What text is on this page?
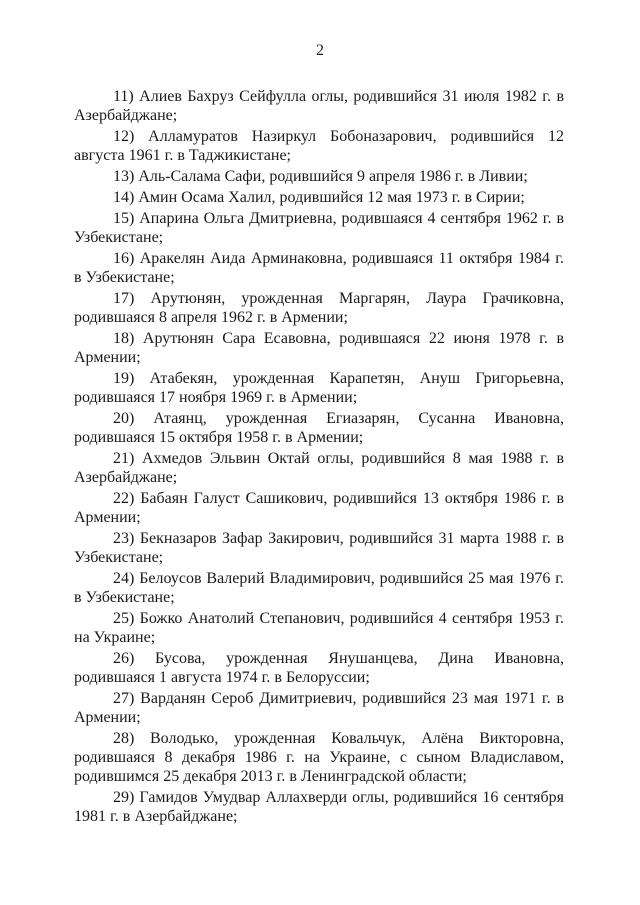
2
11) Алиев Бахруз Сейфулла оглы, родившийся 31 июля 1982 г. в Азербайджане;
12) Алламуратов Назиркул Бобоназарович, родившийся 12 августа 1961 г. в Таджикистане;
13) Аль-Салама Сафи, родившийся 9 апреля 1986 г. в Ливии;
14) Амин Осама Халил, родившийся 12 мая 1973 г. в Сирии;
15) Апарина Ольга Дмитриевна, родившаяся 4 сентября 1962 г. в Узбекистане;
16) Аракелян Аида Арминаковна, родившаяся 11 октября 1984 г. в Узбекистане;
17) Арутюнян, урожденная Маргарян, Лаура Грачиковна, родившаяся 8 апреля 1962 г. в Армении;
18) Арутюнян Сара Есавовна, родившаяся 22 июня 1978 г. в Армении;
19) Атабекян, урожденная Карапетян, Ануш Григорьевна, родившаяся 17 ноября 1969 г. в Армении;
20) Атаянц, урожденная Егиазарян, Сусанна Ивановна, родившаяся 15 октября 1958 г. в Армении;
21) Ахмедов Эльвин Октай оглы, родившийся 8 мая 1988 г. в Азербайджане;
22) Бабаян Галуст Сашикович, родившийся 13 октября 1986 г. в Армении;
23) Бекназаров Зафар Закирович, родившийся 31 марта 1988 г. в Узбекистане;
24) Белоусов Валерий Владимирович, родившийся 25 мая 1976 г. в Узбекистане;
25) Божко Анатолий Степанович, родившийся 4 сентября 1953 г. на Украине;
26) Бусова, урожденная Янушанцева, Дина Ивановна, родившаяся 1 августа 1974 г. в Белоруссии;
27) Варданян Сероб Димитриевич, родившийся 23 мая 1971 г. в Армении;
28) Володько, урожденная Ковальчук, Алёна Викторовна, родившаяся 8 декабря 1986 г. на Украине, с сыном Владиславом, родившимся 25 декабря 2013 г. в Ленинградской области;
29) Гамидов Умудвар Аллахверди оглы, родившийся 16 сентября 1981 г. в Азербайджане;
